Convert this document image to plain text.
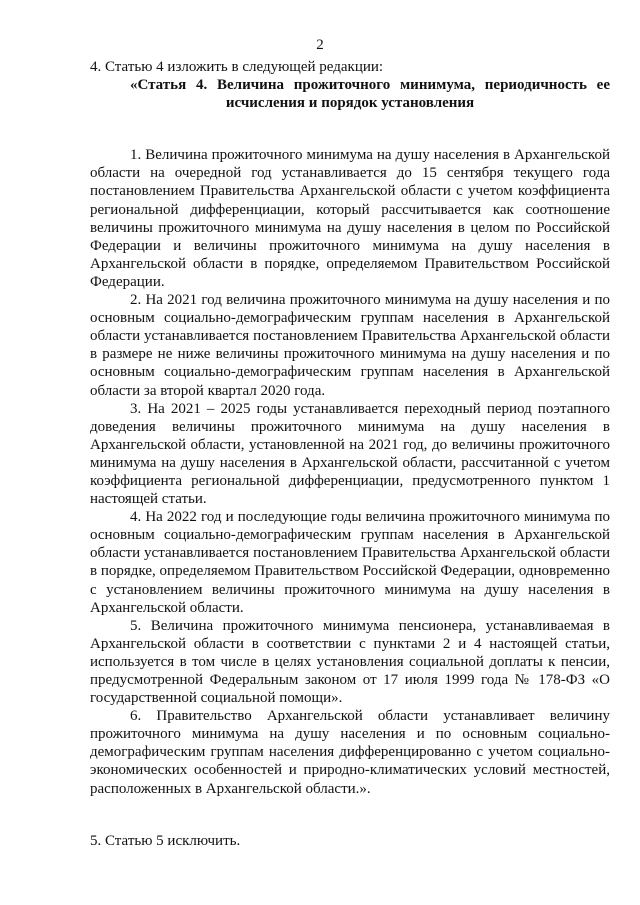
2

4. Статью 4 изложить в следующей редакции:

«Статья 4. Величина прожиточного минимума, периодичность ее исчисления и порядок установления

1. Величина прожиточного минимума на душу населения в Архангельской области на очередной год устанавливается до 15 сентября текущего года постановлением Правительства Архангельской области с учетом коэффициента региональной дифференциации, который рассчитывается как соотношение величины прожиточного минимума на душу населения в целом по Российской Федерации и величины прожиточного минимума на душу населения в Архангельской области в порядке, определяемом Правительством Российской Федерации.

2. На 2021 год величина прожиточного минимума на душу населения и по основным социально-демографическим группам населения в Архангельской области устанавливается постановлением Правительства Архангельской области в размере не ниже величины прожиточного минимума на душу населения и по основным социально-демографическим группам населения в Архангельской области за второй квартал 2020 года.

3. На 2021 – 2025 годы устанавливается переходный период поэтапного доведения величины прожиточного минимума на душу населения в Архангельской области, установленной на 2021 год, до величины прожиточного минимума на душу населения в Архангельской области, рассчитанной с учетом коэффициента региональной дифференциации, предусмотренного пунктом 1 настоящей статьи.

4. На 2022 год и последующие годы величина прожиточного минимума по основным социально-демографическим группам населения в Архангельской области устанавливается постановлением Правительства Архангельской области в порядке, определяемом Правительством Российской Федерации, одновременно с установлением величины прожиточного минимума на душу населения в Архангельской области.

5. Величина прожиточного минимума пенсионера, устанавливаемая в Архангельской области в соответствии с пунктами 2 и 4 настоящей статьи, используется в том числе в целях установления социальной доплаты к пенсии, предусмотренной Федеральным законом от 17 июля 1999 года № 178-ФЗ «О государственной социальной помощи».

6. Правительство Архангельской области устанавливает величину прожиточного минимума на душу населения и по основным социально-демографическим группам населения дифференцированно с учетом социально-экономических особенностей и природно-климатических условий местностей, расположенных в Архангельской области.».

5. Статью 5 исключить.
